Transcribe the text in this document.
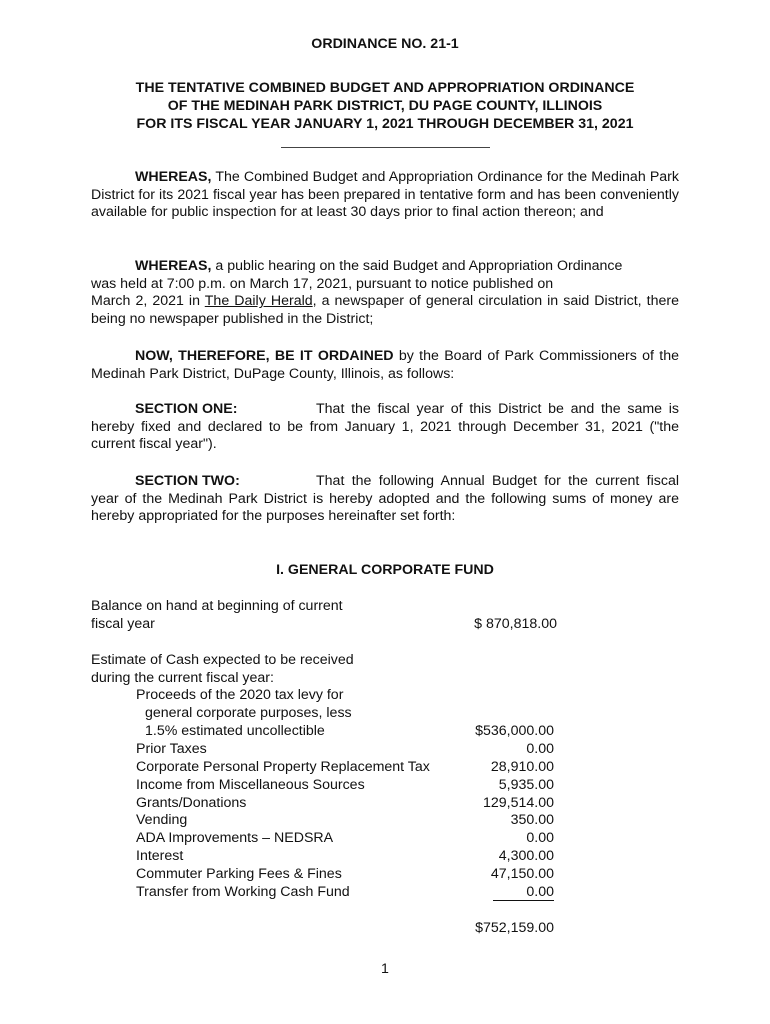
ORDINANCE NO. 21-1
THE TENTATIVE COMBINED BUDGET AND APPROPRIATION ORDINANCE
OF THE MEDINAH PARK DISTRICT, DU PAGE COUNTY, ILLINOIS
FOR ITS FISCAL YEAR JANUARY 1, 2021 THROUGH DECEMBER 31, 2021
WHEREAS, The Combined Budget and Appropriation Ordinance for the Medinah Park District for its 2021 fiscal year has been prepared in tentative form and has been conveniently available for public inspection for at least 30 days prior to final action thereon; and
WHEREAS, a public hearing on the said Budget and Appropriation Ordinance
was held at 7:00 p.m. on March 17, 2021, pursuant to notice published on
March 2, 2021 in The Daily Herald, a newspaper of general circulation in said District, there being no newspaper published in the District;
NOW, THEREFORE, BE IT ORDAINED by the Board of Park Commissioners of the Medinah Park District, DuPage County, Illinois, as follows:
SECTION ONE:	That the fiscal year of this District be and the same is hereby fixed and declared to be from January 1, 2021 through December 31, 2021 ("the current fiscal year").
SECTION TWO:	That the following Annual Budget for the current fiscal year of the Medinah Park District is hereby adopted and the following sums of money are hereby appropriated for the purposes hereinafter set forth:
I. GENERAL CORPORATE FUND
Balance on hand at beginning of current
fiscal year	$ 870,818.00
Estimate of Cash expected to be received
during the current fiscal year:
Proceeds of the 2020 tax levy for
general corporate purposes, less
1.5% estimated uncollectible	$536,000.00
Prior Taxes	0.00
Corporate Personal Property Replacement Tax	28,910.00
Income from Miscellaneous Sources	5,935.00
Grants/Donations	129,514.00
Vending	350.00
ADA Improvements – NEDSRA	0.00
Interest	4,300.00
Commuter Parking Fees & Fines	47,150.00
Transfer from Working Cash Fund	0.00
$752,159.00
1
